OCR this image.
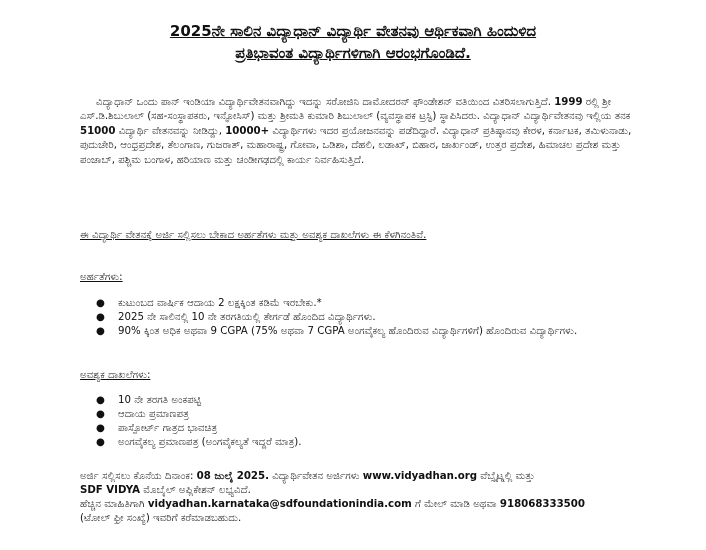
2025ನೇ ಸಾಲಿನ ವಿದ್ಯಾಧಾನ್ ವಿದ್ಯಾರ್ಥಿ ವೇತನವು ಆರ್ಥಿಕವಾಗಿ ಹಿಂದುಳಿದ
ಪ್ರತಿಭಾವಂತ ವಿದ್ಯಾರ್ಥಿಗಳಿಗಾಗಿ ಆರಂಭಗೊಂಡಿದೆ.
ವಿದ್ಯಾಧಾನ್ ಒಂದು ಪಾನ್ ಇಂಡಿಯಾ ವಿದ್ಯಾರ್ಥಿವೇತನವಾಗಿದ್ದು ಇದನ್ನು ಸರೋಜಿನಿ ದಾಮೋದರನ್ ಫೌಂಡೇಶನ್ ವತಿಯಿಂದ ವಿತರಿಸಲಾಗುತ್ತಿದೆ. 1999 ರಲ್ಲಿ ಶ್ರೀ ಎಸ್.ಡಿ.ಶಿಬುಲಾಲ್ (ಸಹ-ಸಂಸ್ಥಾಪಕರು, ಇನ್ಫೋಸಿಸ್) ಮತ್ತು ಶ್ರೀಮತಿ ಕುಮಾರಿ ಶಿಬುಲಾಲ್ (ವ್ಯವಸ್ಥಾಪಕ ಟ್ರಸ್ಟಿ) ಸ್ಥಾಪಿಸಿದರು. ವಿದ್ಯಾಧಾನ್ ವಿದ್ಯಾರ್ಥಿವೇತನವು ಇಲ್ಲಿಯ ತನಕ 51000 ವಿದ್ಯಾರ್ಥಿ ವೇತನವನ್ನು ನೀಡಿದ್ದು, 10000+ ವಿದ್ಯಾರ್ಥಿಗಳು ಇದರ ಪ್ರಯೋಜನವನ್ನು ಪಡೆದಿದ್ದಾರೆ. ವಿದ್ಯಾಧಾನ್ ಪ್ರತಿಷ್ಠಾನವು ಕೇರಳ, ಕರ್ನಾಟಕ, ತಮಿಳುನಾಡು, ಪುದುಚೇರಿ, ಆಂಧ್ರಪ್ರದೇಶ, ತೆಲಂಗಾಣ, ಗುಜರಾತ್, ಮಹಾರಾಷ್ಟ್ರ, ಗೋವಾ, ಒಡಿಶಾ, ದೆಹಲಿ, ಲಡಾಖ್, ಬಿಹಾರ, ಜಾರ್ಖಂಡ್, ಉತ್ತರ ಪ್ರದೇಶ, ಹಿಮಾಚಲ ಪ್ರದೇಶ ಮತ್ತು ಪಂಜಾಬ್, ಪಶ್ಚಿಮ ಬಂಗಾಳ, ಹರಿಯಾಣ ಮತ್ತು ಚಂಡೀಗಢದಲ್ಲಿ ಕಾರ್ಯ ನಿರ್ವಹಿಸುತ್ತಿದೆ.
ಈ ವಿದ್ಯಾರ್ಥಿ ವೇತನಕ್ಕೆ ಅರ್ಜಿ ಸಲ್ಲಿಸಲು ಬೇಕಾದ ಅರ್ಹತೆಗಳು ಮತ್ತು ಅವಶ್ಯಕ ದಾಖಲೆಗಳು ಈ ಕೆಳಗಿನಂತಿವೆ.
ಅರ್ಹತೆಗಳು:
● ಕುಟುಂಬದ ವಾರ್ಷಿಕ ಆದಾಯ 2 ಲಕ್ಷಕ್ಕಿಂತ ಕಡಿಮೆ ಇರಬೇಕು.*
● 2025 ನೇ ಸಾಲಿನಲ್ಲಿ 10 ನೇ ತರಗತಿಯಲ್ಲಿ ತೇರ್ಗಡೆ ಹೊಂದಿದ ವಿದ್ಯಾರ್ಥಿಗಳು.
● 90% ಕ್ಕಿಂತ ಅಧಿಕ ಅಥವಾ 9 CGPA (75% ಅಥವಾ 7 CGPA ಅಂಗವೈಕಲ್ಯ ಹೊಂದಿರುವ ವಿದ್ಯಾರ್ಥಿಗಳಿಗೆ) ಹೊಂದಿರುವ ವಿದ್ಯಾರ್ಥಿಗಳು.
ಅವಶ್ಯಕ ದಾಖಲೆಗಳು:
● 10 ನೇ ತರಗತಿ ಅಂಕಪಟ್ಟಿ
● ಆದಾಯ ಪ್ರಮಾಣಪತ್ರ
● ಪಾಸ್ಪೋರ್ಟ್ ಗಾತ್ರದ ಭಾವಚಿತ್ರ
● ಅಂಗವೈಕಲ್ಯ ಪ್ರಮಾಣಪತ್ರ (ಅಂಗವೈಕಲ್ಯತೆ ಇದ್ದರೆ ಮಾತ್ರ).
ಅರ್ಜಿ ಸಲ್ಲಿಸಲು ಕೊನೆಯ ದಿನಾಂಕ: 08 ಜುಲೈ 2025. ವಿದ್ಯಾರ್ಥಿವೇತನ ಅರ್ಜಿಗಳು www.vidyadhan.org ವೆಬ್ಸೈಟ್ನಲ್ಲಿ ಮತ್ತು
SDF VIDYA ಮೊಬೈಲ್ ಅಪ್ಲಿಕೇಶನ್ ಲಭ್ಯವಿದೆ.
ಹೆಚ್ಚಿನ ಮಾಹಿತಿಗಾಗಿ vidyadhan.karnataka@sdfoundationindia.com ಗೆ ಮೇಲ್ ಮಾಡಿ ಅಥವಾ 918068333500
(ಟೋಲ್ ಫ್ರೀ ಸಂಖ್ಯೆ) ಇವರಿಗೆ ಕರೆಮಾಡಬಹುದು.
